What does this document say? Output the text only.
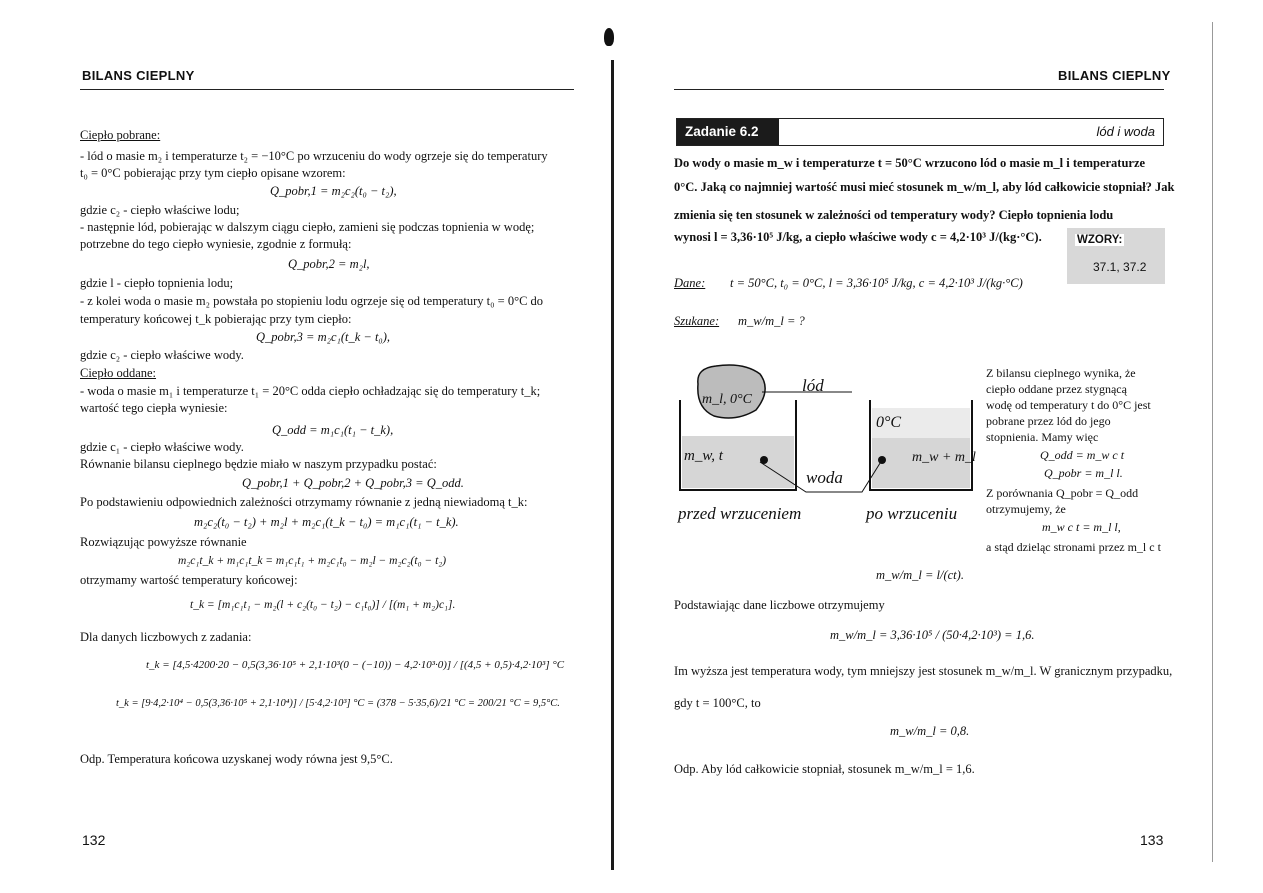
BILANS CIEPLNY
Ciepło pobrane:
- lód o masie m₂ i temperaturze t₂ = −10°C po wrzuceniu do wody ogrzeje się do temperatury
t₀ = 0°C pobierając przy tym ciepło opisane wzorem:
Q_pobr,1 = m₂c₂(t₀ − t₂),
gdzie c₂ - ciepło właściwe lodu;
- następnie lód, pobierając w dalszym ciągu ciepło, zamieni się podczas topnienia w wodę;
potrzebne do tego ciepło wyniesie, zgodnie z formułą:
Q_pobr,2 = m₂l,
gdzie l - ciepło topnienia lodu;
- z kolei woda o masie m₂ powstała po stopieniu lodu ogrzeje się od temperatury t₀ = 0°C do
temperatury końcowej t_k pobierając przy tym ciepło:
Q_pobr,3 = m₂c₁(t_k − t₀),
gdzie c₂ - ciepło właściwe wody.
Ciepło oddane:
- woda o masie m₁ i temperaturze t₁ = 20°C odda ciepło ochładzając się do temperatury t_k;
wartość tego ciepła wyniesie:
Q_odd = m₁c₁(t₁ − t_k),
gdzie c₁ - ciepło właściwe wody.
Równanie bilansu cieplnego będzie miało w naszym przypadku postać:
Q_pobr,1 + Q_pobr,2 + Q_pobr,3 = Q_odd.
Po podstawieniu odpowiednich zależności otrzymamy równanie z jedną niewiadomą t_k:
m₂c₂(t₀ − t₂) + m₂l + m₂c₁(t_k − t₀) = m₁c₁(t₁ − t_k).
Rozwiązując powyższe równanie
m₂c₁t_k + m₁c₁t_k = m₁c₁t₁ + m₂c₁t₀ − m₂l − m₂c₂(t₀ − t₂)
otrzymamy wartość temperatury końcowej:
t_k = [m₁c₁t₁ − m₂(l + c₂(t₀ − t₂) − c₁t₀)] / [(m₁ + m₂)c₁].
Dla danych liczbowych z zadania:
t_k = [4,5·4200·20 − 0,5(3,36·10⁵ + 2,1·10³(0 − (−10)) − 4,2·10³·0)] / [(4,5 + 0,5)·4,2·10³] °C
t_k = [9·4,2·10⁴ − 0,5(3,36·10⁵ + 2,1·10⁴)] / [5·4,2·10³] °C = (378 − 5·35,6)/21 °C = 200/21 °C = 9,5°C.
Odp. Temperatura końcowa uzyskanej wody równa jest 9,5°C.
132
BILANS CIEPLNY
Zadanie 6.2	lód i woda
Do wody o masie m_w i temperaturze t = 50°C wrzucono lód o masie m_l i temperaturze
0°C. Jaką co najmniej wartość musi mieć stosunek m_w/m_l, aby lód całkowicie stopniał? Jak
zmienia się ten stosunek w zależności od temperatury wody? Ciepło topnienia lodu
wynosi l = 3,36·10⁵ J/kg, a ciepło właściwe wody c = 4,2·10³ J/(kg·°C).	WZORY:
37.1, 37.2
Dane: t = 50°C, t₀ = 0°C, l = 3,36·10⁵ J/kg, c = 4,2·10³ J/(kg·°C)
Szukane: m_w/m_l = ?
lód
m_l, 0°C
m_w, t
0°C
m_w + m_l
woda
przed wrzuceniem	po wrzuceniu
Z bilansu cieplnego wynika, że
ciepło oddane przez stygnącą
wodę od temperatury t do 0°C jest
pobrane przez lód do jego
stopnienia. Mamy więc
Q_odd = m_w c t
Q_pobr = m_l l.
Z porównania Q_pobr = Q_odd
otrzymujemy, że
m_w c t = m_l l,
a stąd dzieląc stronami przez m_l c t
m_w/m_l = l/(ct).
Podstawiając dane liczbowe otrzymujemy
m_w/m_l = 3,36·10⁵ / (50·4,2·10³) = 1,6.
Im wyższa jest temperatura wody, tym mniejszy jest stosunek m_w/m_l. W granicznym przypadku,
gdy t = 100°C, to
m_w/m_l = 0,8.
Odp. Aby lód całkowicie stopniał, stosunek m_w/m_l = 1,6.
133
